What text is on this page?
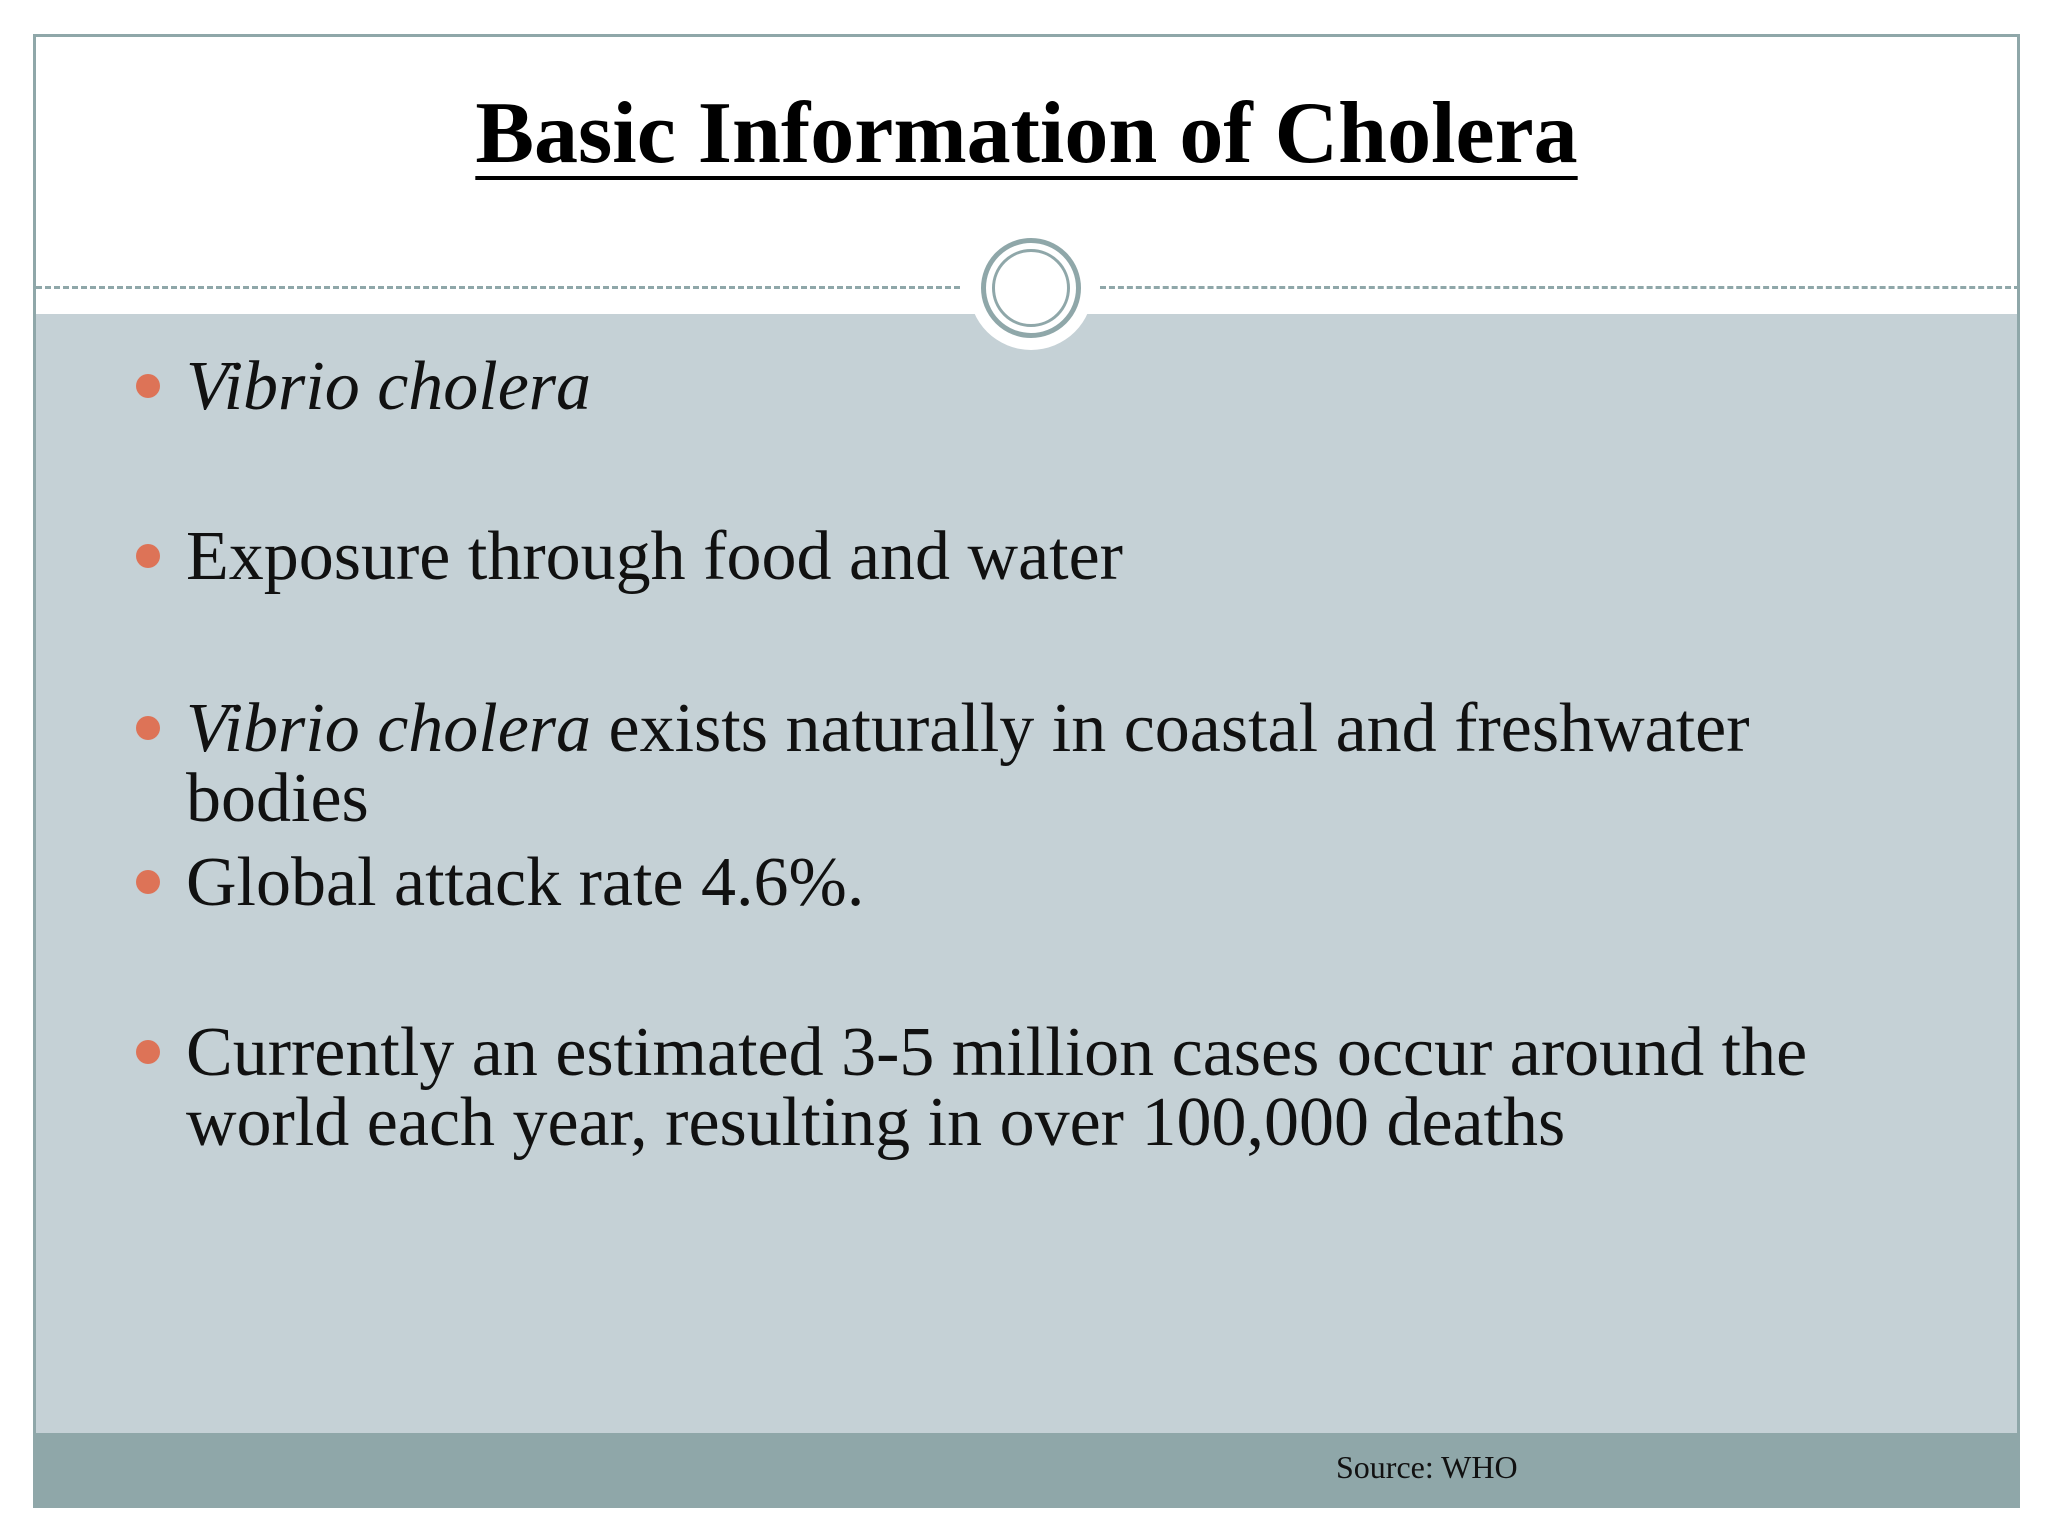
Basic Information of Cholera
Vibrio cholera
Exposure through food and water
Vibrio cholera exists naturally in coastal and freshwater bodies
Global attack rate 4.6%.
Currently an estimated 3-5 million cases occur around the world each year, resulting in over 100,000 deaths
Source: WHO
